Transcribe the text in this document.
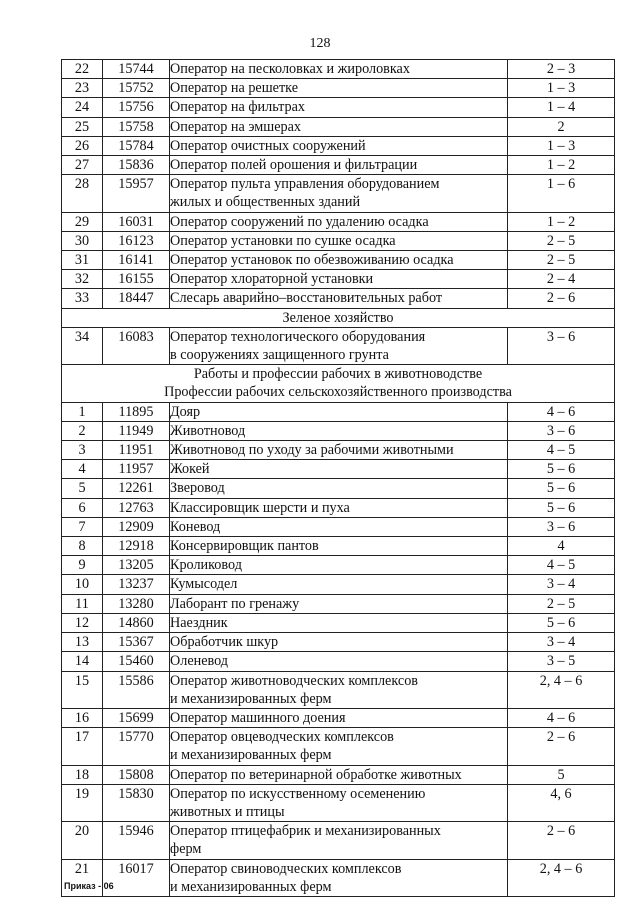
128
22	15744	Оператор на песколовках и жироловках	2 – 3
23	15752	Оператор на решетке	1 – 3
24	15756	Оператор на фильтрах	1 – 4
25	15758	Оператор на эмшерах	2
26	15784	Оператор очистных сооружений	1 – 3
27	15836	Оператор полей орошения и фильтрации	1 – 2
28	15957	Оператор пульта управления оборудованием
жилых и общественных зданий	1 – 6
29	16031	Оператор сооружений по удалению осадка	1 – 2
30	16123	Оператор установки по сушке осадка	2 – 5
31	16141	Оператор установок по обезвоживанию осадка	2 – 5
32	16155	Оператор хлораторной установки	2 – 4
33	18447	Слесарь аварийно–восстановительных работ	2 – 6
Зеленое хозяйство			
34	16083	Оператор технологического оборудования
в сооружениях защищенного грунта	3 – 6

Работы и профессии рабочих в животноводстве
Профессии рабочих сельскохозяйственного производства			

1	11895	Дояр	4 – 6
2	11949	Животновод	3 – 6
3	11951	Животновод по уходу за рабочими животными	4 – 5
4	11957	Жокей	5 – 6
5	12261	Зверовод	5 – 6
6	12763	Классировщик шерсти и пуха	5 – 6
7	12909	Коневод	3 – 6
8	12918	Консервировщик пантов	4
9	13205	Кроликовод	4 – 5
10	13237	Кумысодел	3 – 4
11	13280	Лаборант по гренажу	2 – 5
12	14860	Наездник	5 – 6
13	15367	Обработчик шкур	3 – 4
14	15460	Оленевод	3 – 5
15	15586	Оператор животноводческих комплексов
и механизированных ферм	2, 4 – 6
16	15699	Оператор машинного доения	4 – 6
17	15770	Оператор овцеводческих комплексов
и механизированных ферм	2 – 6
18	15808	Оператор по ветеринарной обработке животных	5
19	15830	Оператор по искусственному осеменению
животных и птицы	4, 6
20	15946	Оператор птицефабрик и механизированных
ферм	2 – 6
21	16017	Оператор свиноводческих комплексов
и механизированных ферм	2, 4 – 6
Приказ - 06
